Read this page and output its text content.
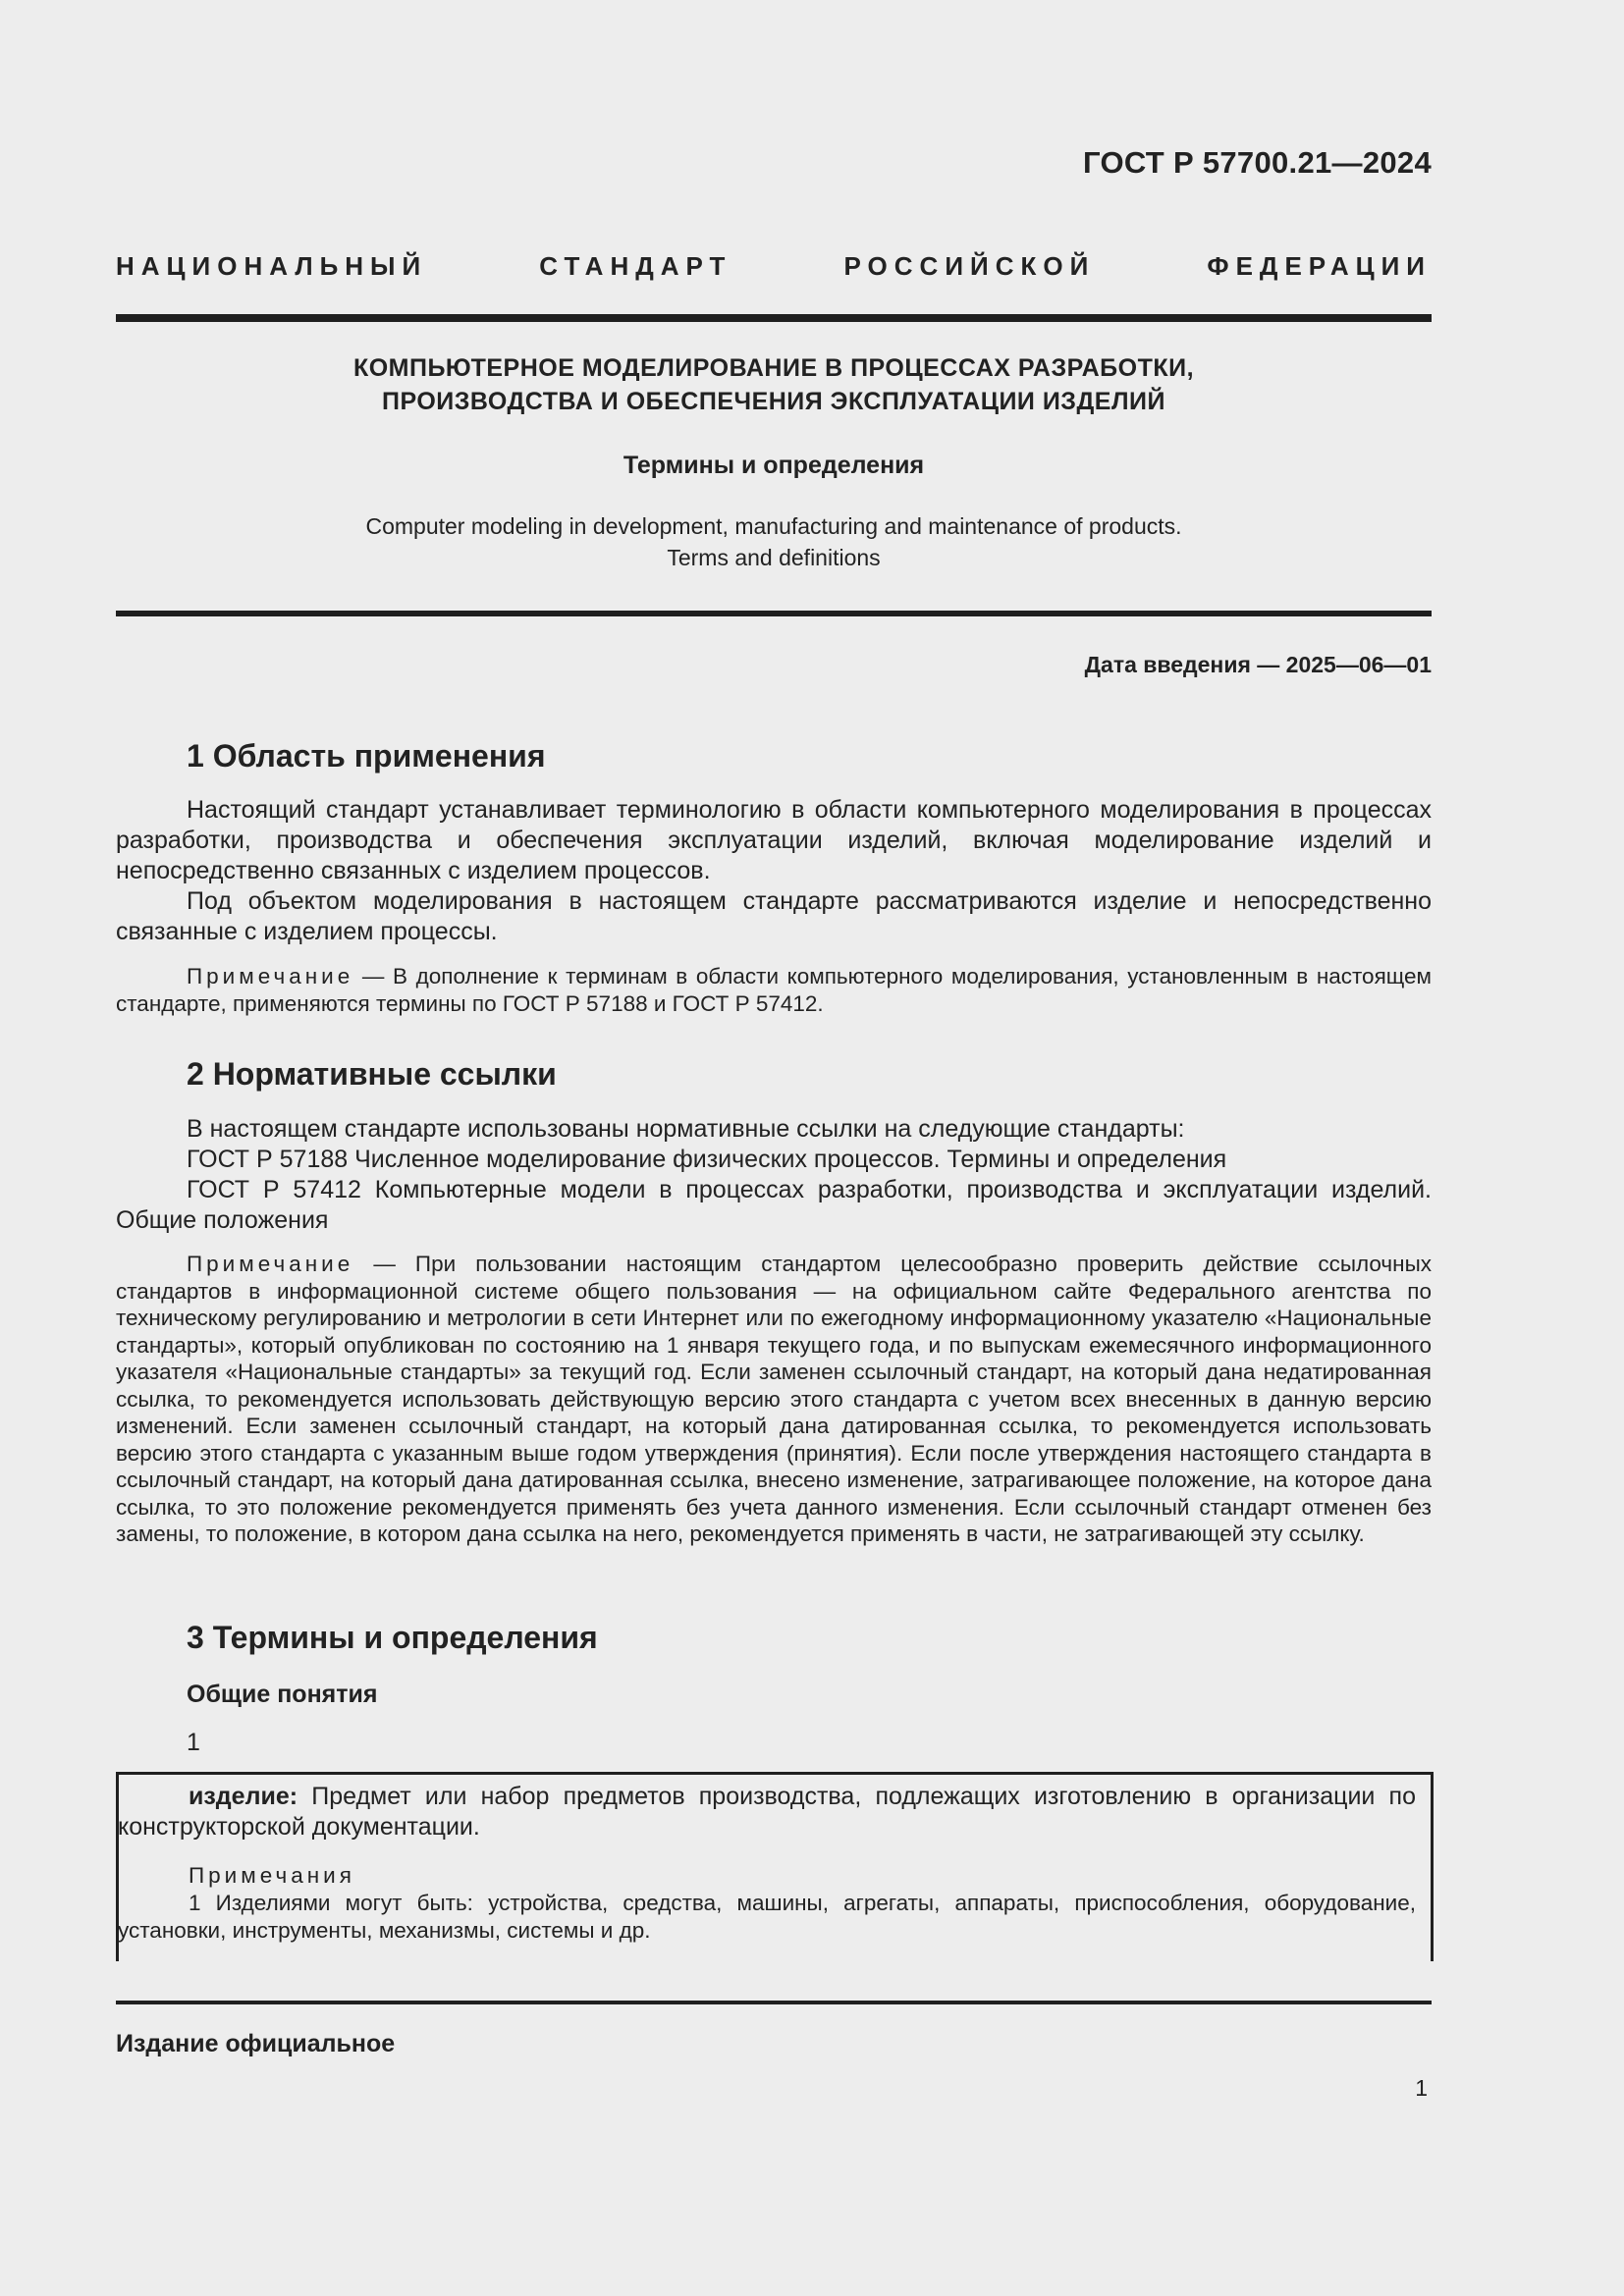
ГОСТ Р 57700.21—2024
НАЦИОНАЛЬНЫЙ СТАНДАРТ РОССИЙСКОЙ ФЕДЕРАЦИИ
КОМПЬЮТЕРНОЕ МОДЕЛИРОВАНИЕ В ПРОЦЕССАХ РАЗРАБОТКИ,
ПРОИЗВОДСТВА И ОБЕСПЕЧЕНИЯ ЭКСПЛУАТАЦИИ ИЗДЕЛИЙ
Термины и определения
Computer modeling in development, manufacturing and maintenance of products.
Terms and definitions
Дата введения — 2025—06—01
1 Область применения
Настоящий стандарт устанавливает терминологию в области компьютерного моделирования в процессах разработки, производства и обеспечения эксплуатации изделий, включая моделирование изделий и непосредственно связанных с изделием процессов.
Под объектом моделирования в настоящем стандарте рассматриваются изделие и непосредственно связанные с изделием процессы.
Примечание — В дополнение к терминам в области компьютерного моделирования, установленным в настоящем стандарте, применяются термины по ГОСТ Р 57188 и ГОСТ Р 57412.
2 Нормативные ссылки
В настоящем стандарте использованы нормативные ссылки на следующие стандарты:
ГОСТ Р 57188 Численное моделирование физических процессов. Термины и определения
ГОСТ Р 57412 Компьютерные модели в процессах разработки, производства и эксплуатации изделий. Общие положения
Примечание — При пользовании настоящим стандартом целесообразно проверить действие ссылочных стандартов в информационной системе общего пользования — на официальном сайте Федерального агентства по техническому регулированию и метрологии в сети Интернет или по ежегодному информационному указателю «Национальные стандарты», который опубликован по состоянию на 1 января текущего года, и по выпускам ежемесячного информационного указателя «Национальные стандарты» за текущий год. Если заменен ссылочный стандарт, на который дана недатированная ссылка, то рекомендуется использовать действующую версию этого стандарта с учетом всех внесенных в данную версию изменений. Если заменен ссылочный стандарт, на который дана датированная ссылка, то рекомендуется использовать версию этого стандарта с указанным выше годом утверждения (принятия). Если после утверждения настоящего стандарта в ссылочный стандарт, на который дана датированная ссылка, внесено изменение, затрагивающее положение, на которое дана ссылка, то это положение рекомендуется применять без учета данного изменения. Если ссылочный стандарт отменен без замены, то положение, в котором дана ссылка на него, рекомендуется применять в части, не затрагивающей эту ссылку.
3 Термины и определения
Общие понятия
1
изделие: Предмет или набор предметов производства, подлежащих изготовлению в организации по конструкторской документации.
Примечания
1 Изделиями могут быть: устройства, средства, машины, агрегаты, аппараты, приспособления, оборудование, установки, инструменты, механизмы, системы и др.
Издание официальное
1
